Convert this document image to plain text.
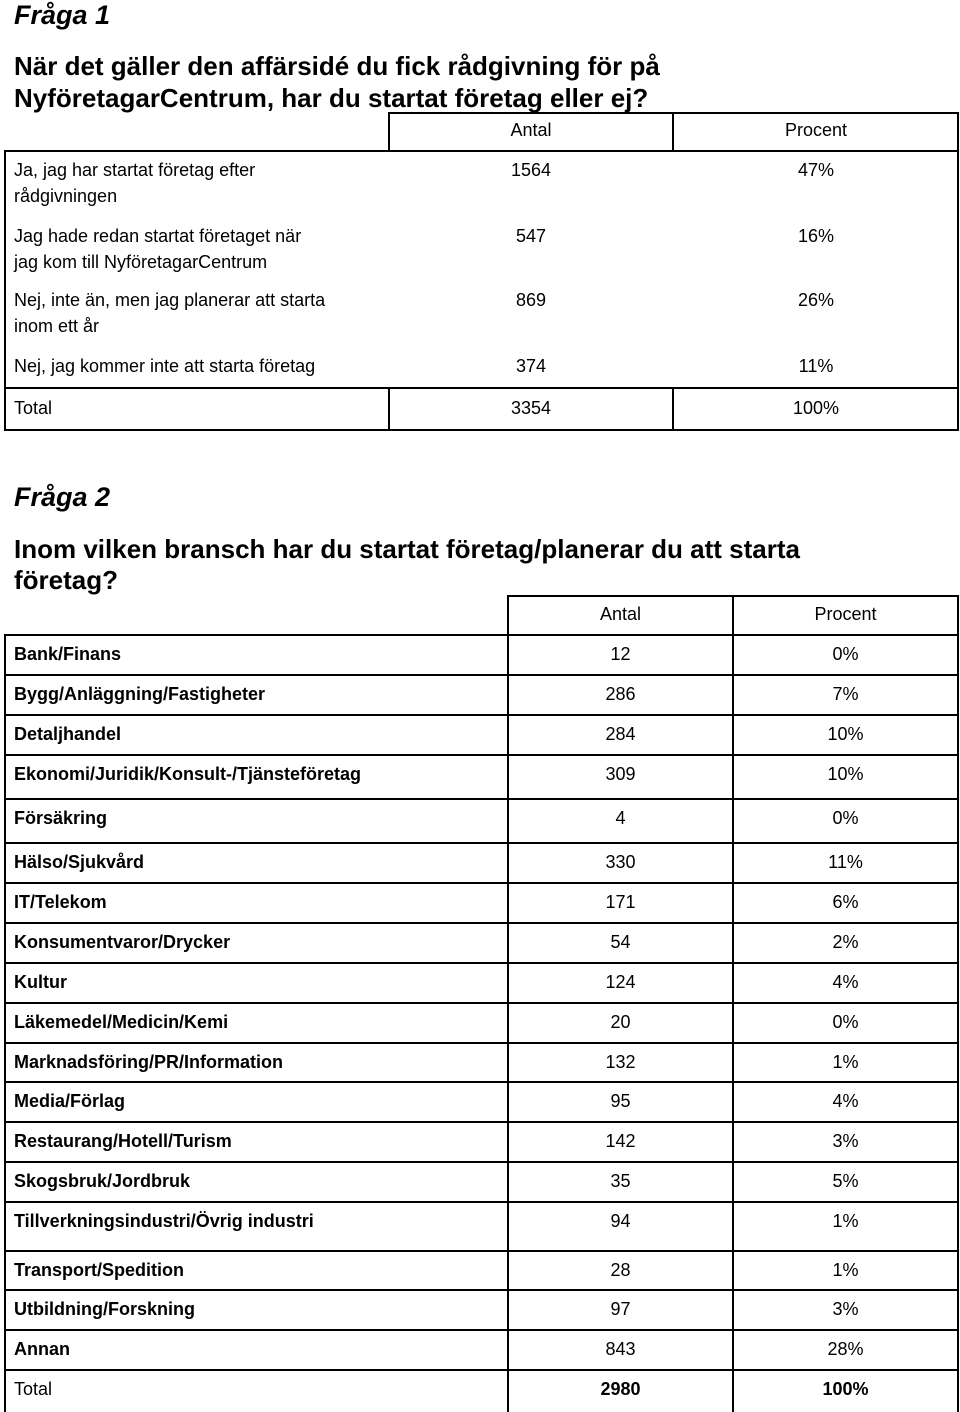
Fråga 1
När det gäller den affärsidé du fick rådgivning för på
NyföretagarCentrum, har du startat företag eller ej?
Antal	Procent
Ja, jag har startat företag efter
rådgivningen
1564	47%
Jag hade redan startat företaget när
jag kom till NyföretagarCentrum
547	16%
Nej, inte än, men jag planerar att starta
inom ett år
869	26%
Nej, jag kommer inte att starta företag	374	11%
Total	3354	100%
Fråga 2
Inom vilken bransch har du startat företag/planerar du att starta
företag?
Antal	Procent
Bank/Finans	12	0%
Bygg/Anläggning/Fastigheter	286	7%
Detaljhandel	284	10%
Ekonomi/Juridik/Konsult-/Tjänsteföretag	309	10%
Försäkring	4	0%
Hälso/Sjukvård	330	11%
IT/Telekom	171	6%
Konsumentvaror/Drycker	54	2%
Kultur	124	4%
Läkemedel/Medicin/Kemi	20	0%
Marknadsföring/PR/Information	132	1%
Media/Förlag	95	4%
Restaurang/Hotell/Turism	142	3%
Skogsbruk/Jordbruk	35	5%
Tillverkningsindustri/Övrig industri	94	1%
Transport/Spedition	28	1%
Utbildning/Forskning	97	3%
Annan	843	28%
Total	2980	100%
